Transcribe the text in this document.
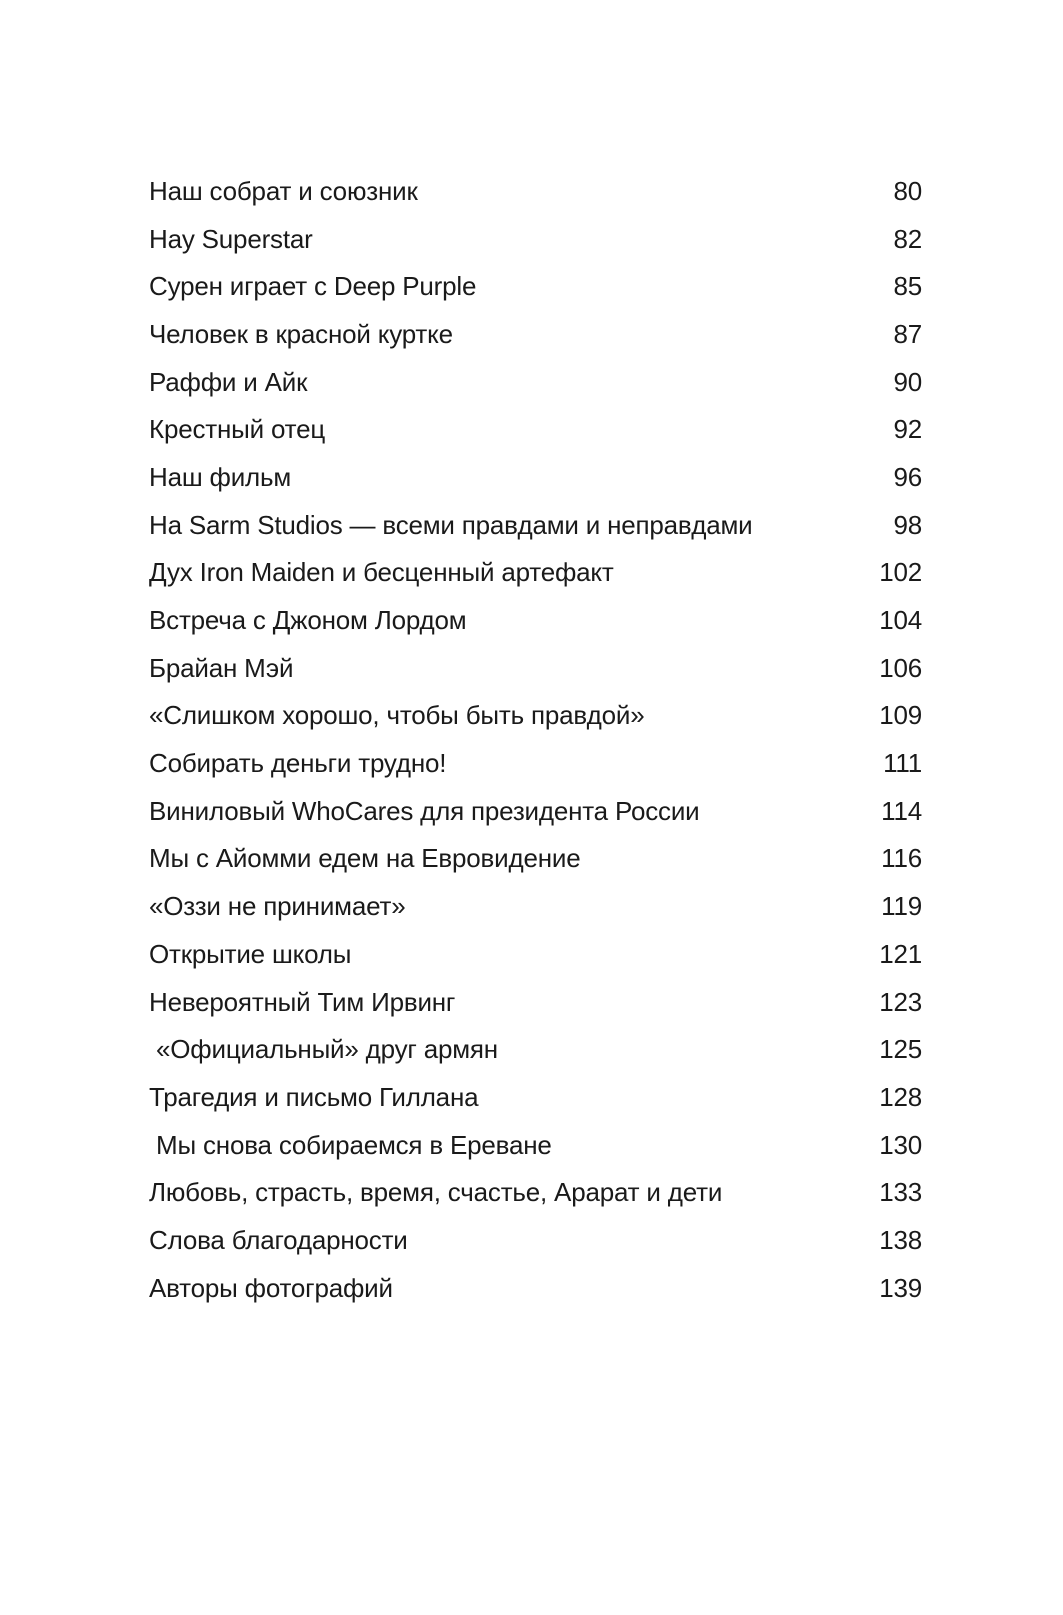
Наш собрат и союзник	80
Hay Superstar	82
Сурен играет с Deep Purple	85
Человек в красной куртке	87
Раффи и Айк	90
Крестный отец	92
Наш фильм	96
На Sarm Studios — всеми правдами и неправдами	98
Дух Iron Maiden и бесценный артефакт	102
Встреча с Джоном Лордом	104
Брайан Мэй	106
«Слишком хорошо, чтобы быть правдой»	109
Собирать деньги трудно!	111
Виниловый WhoCares для президента России	114
Мы с Айомми едем на Евровидение	116
«Оззи не принимает»	119
Открытие школы	121
Невероятный Тим Ирвинг	123
«Официальный» друг армян	125
Трагедия и письмо Гиллана	128
Мы снова собираемся в Ереване	130
Любовь, страсть, время, счастье, Арарат и дети	133
Слова благодарности	138
Авторы фотографий	139
